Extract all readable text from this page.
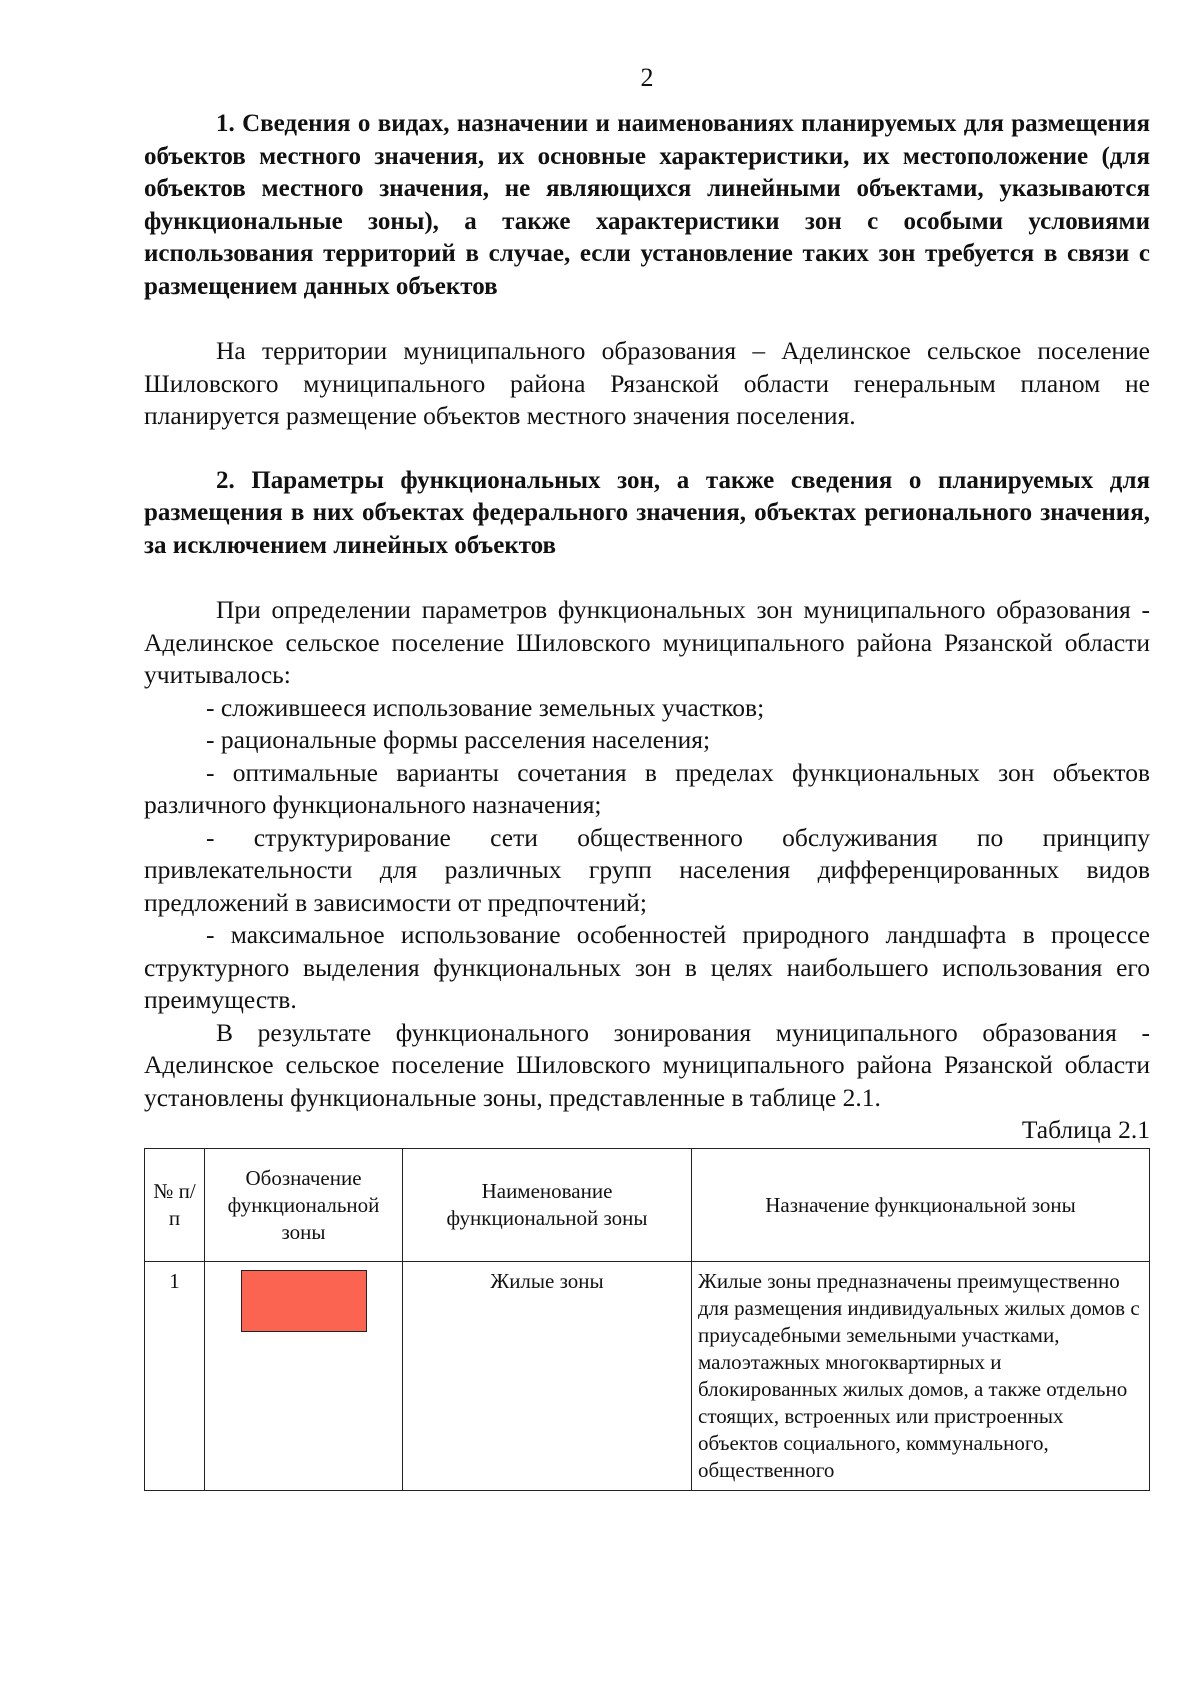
2

1. Сведения о видах, назначении и наименованиях планируемых для размещения объектов местного значения, их основные характеристики, их местоположение (для объектов местного значения, не являющихся линейными объектами, указываются функциональные зоны), а также характеристики зон с особыми условиями использования территорий в случае, если установление таких зон требуется в связи с размещением данных объектов

На территории муниципального образования – Аделинское сельское поселение Шиловского муниципального района Рязанской области генеральным планом не планируется размещение объектов местного значения поселения.

2. Параметры функциональных зон, а также сведения о планируемых для размещения в них объектах федерального значения, объектах регионального значения, за исключением линейных объектов

При определении параметров функциональных зон муниципального образования - Аделинское сельское поселение Шиловского муниципального района Рязанской области учитывалось:

- сложившееся использование земельных участков;

- рациональные формы расселения населения;

- оптимальные варианты сочетания в пределах функциональных зон объектов различного функционального назначения;

- структурирование сети общественного обслуживания по принципу привлекательности для различных групп населения дифференцированных видов предложений в зависимости от предпочтений;

- максимальное использование особенностей природного ландшафта в процессе структурного выделения функциональных зон в целях наибольшего использования его преимуществ.

В результате функционального зонирования муниципального образования - Аделинское сельское поселение Шиловского муниципального района Рязанской области установлены функциональные зоны, представленные в таблице 2.1.

Таблица 2.1
№ п/п	Обозначение функциональной зоны	Наименование функциональной зоны	Назначение функциональной зоны
1		Жилые зоны	Жилые зоны предназначены преимущественно для размещения индивидуальных жилых домов с приусадебными земельными участками, малоэтажных многоквартирных и блокированных жилых домов, а также отдельно стоящих, встроенных или пристроенных объектов социального, коммунального, общественного
